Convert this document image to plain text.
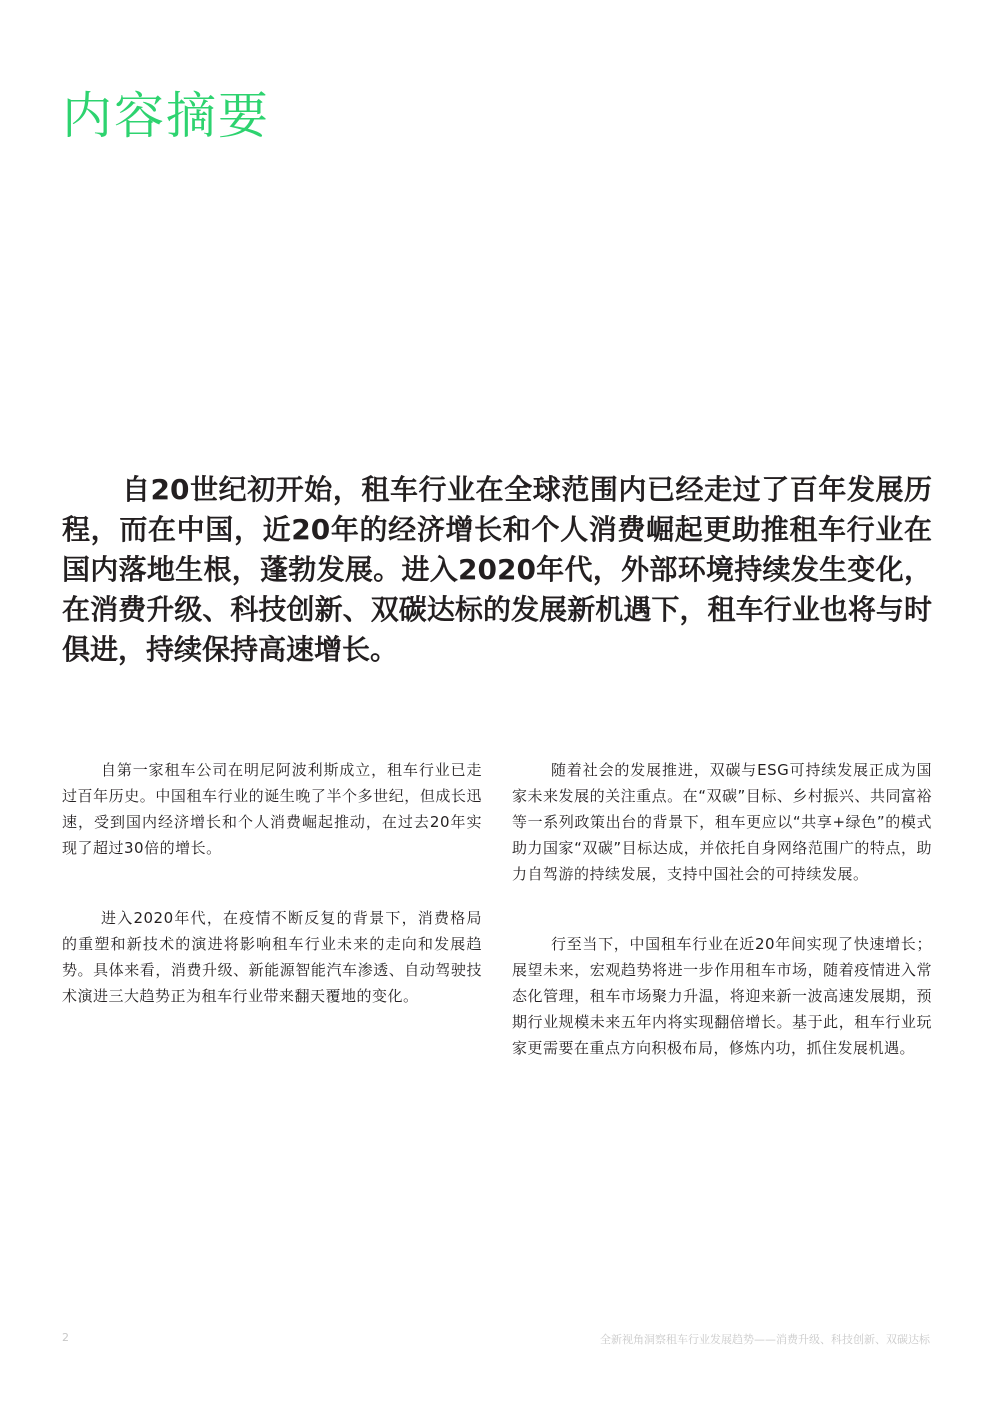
内容摘要

自20世纪初开始，租车行业在全球范围内已经走过了百年发展历程，而在中国，近20年的经济增长和个人消费崛起更助推租车行业在国内落地生根，蓬勃发展。进入2020年代，外部环境持续发生变化，在消费升级、科技创新、双碳达标的发展新机遇下，租车行业也将与时俱进，持续保持高速增长。

自第一家租车公司在明尼阿波利斯成立，租车行业已走过百年历史。中国租车行业的诞生晚了半个多世纪，但成长迅速，受到国内经济增长和个人消费崛起推动，在过去20年实现了超过30倍的增长。

进入2020年代，在疫情不断反复的背景下，消费格局的重塑和新技术的演进将影响租车行业未来的走向和发展趋势。具体来看，消费升级、新能源智能汽车渗透、自动驾驶技术演进三大趋势正为租车行业带来翻天覆地的变化。

随着社会的发展推进，双碳与ESG可持续发展正成为国家未来发展的关注重点。在“双碳”目标、乡村振兴、共同富裕等一系列政策出台的背景下，租车更应以“共享+绿色”的模式助力国家“双碳”目标达成，并依托自身网络范围广的特点，助力自驾游的持续发展，支持中国社会的可持续发展。

行至当下，中国租车行业在近20年间实现了快速增长；展望未来，宏观趋势将进一步作用租车市场，随着疫情进入常态化管理，租车市场聚力升温，将迎来新一波高速发展期，预期行业规模未来五年内将实现翻倍增长。基于此，租车行业玩家更需要在重点方向积极布局，修炼内功，抓住发展机遇。

2	全新视角洞察租车行业发展趋势——消费升级、科技创新、双碳达标
